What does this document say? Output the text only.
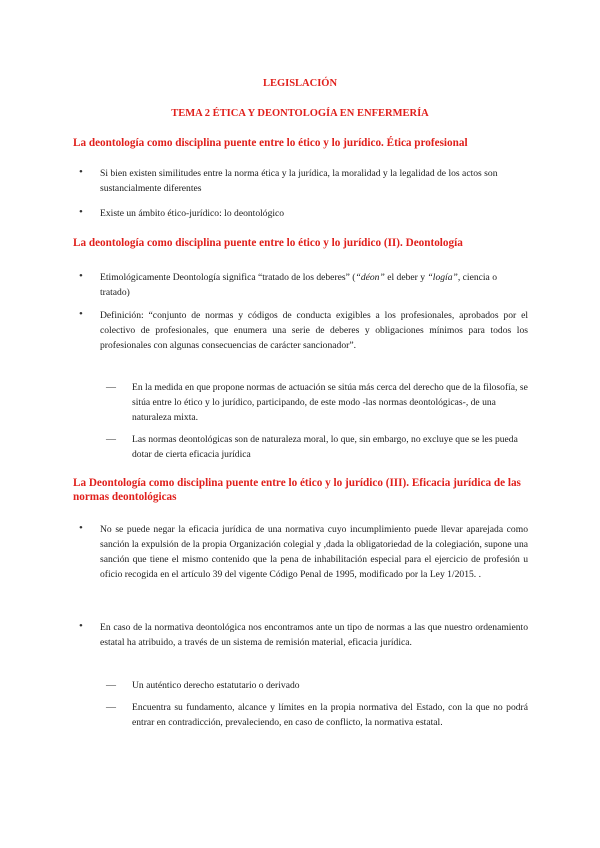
LEGISLACIÓN
TEMA 2 ÉTICA Y DEONTOLOGÍA EN ENFERMERÍA
La deontología como disciplina puente entre lo ético y lo jurídico. Ética profesional
• Si bien existen similitudes entre la norma ética y la jurídica, la moralidad y la legalidad de los actos son sustancialmente diferentes
• Existe un ámbito ético-jurídico: lo deontológico
La deontología como disciplina puente entre lo ético y lo jurídico (II). Deontología
• Etimológicamente Deontología significa “tratado de los deberes” (“déon” el deber y “logía”, ciencia o tratado)
• Definición: “conjunto de normas y códigos de conducta exigibles a los profesionales, aprobados por el colectivo de profesionales, que enumera una serie de deberes y obligaciones mínimos para todos los profesionales con algunas consecuencias de carácter sancionador”.
— En la medida en que propone normas de actuación se sitúa más cerca del derecho que de la filosofía, se sitúa entre lo ético y lo jurídico, participando, de este modo -las normas deontológicas-, de una naturaleza mixta.
— Las normas deontológicas son de naturaleza moral, lo que, sin embargo, no excluye que se les pueda dotar de cierta eficacia jurídica
La Deontología como disciplina puente entre lo ético y lo jurídico (III). Eficacia jurídica de las normas deontológicas
• No se puede negar la eficacia jurídica de una normativa cuyo incumplimiento puede llevar aparejada como sanción la expulsión de la propia Organización colegial y ,dada la obligatoriedad de la colegiación, supone una sanción que tiene el mismo contenido que la pena de inhabilitación especial para el ejercicio de profesión u oficio recogida en el artículo 39 del vigente Código Penal de 1995, modificado por la Ley 1/2015. .
• En caso de la normativa deontológica nos encontramos ante un tipo de normas a las que nuestro ordenamiento estatal ha atribuido, a través de un sistema de remisión material, eficacia jurídica.
— Un auténtico derecho estatutario o derivado
— Encuentra su fundamento, alcance y límites en la propia normativa del Estado, con la que no podrá entrar en contradicción, prevaleciendo, en caso de conflicto, la normativa estatal.
